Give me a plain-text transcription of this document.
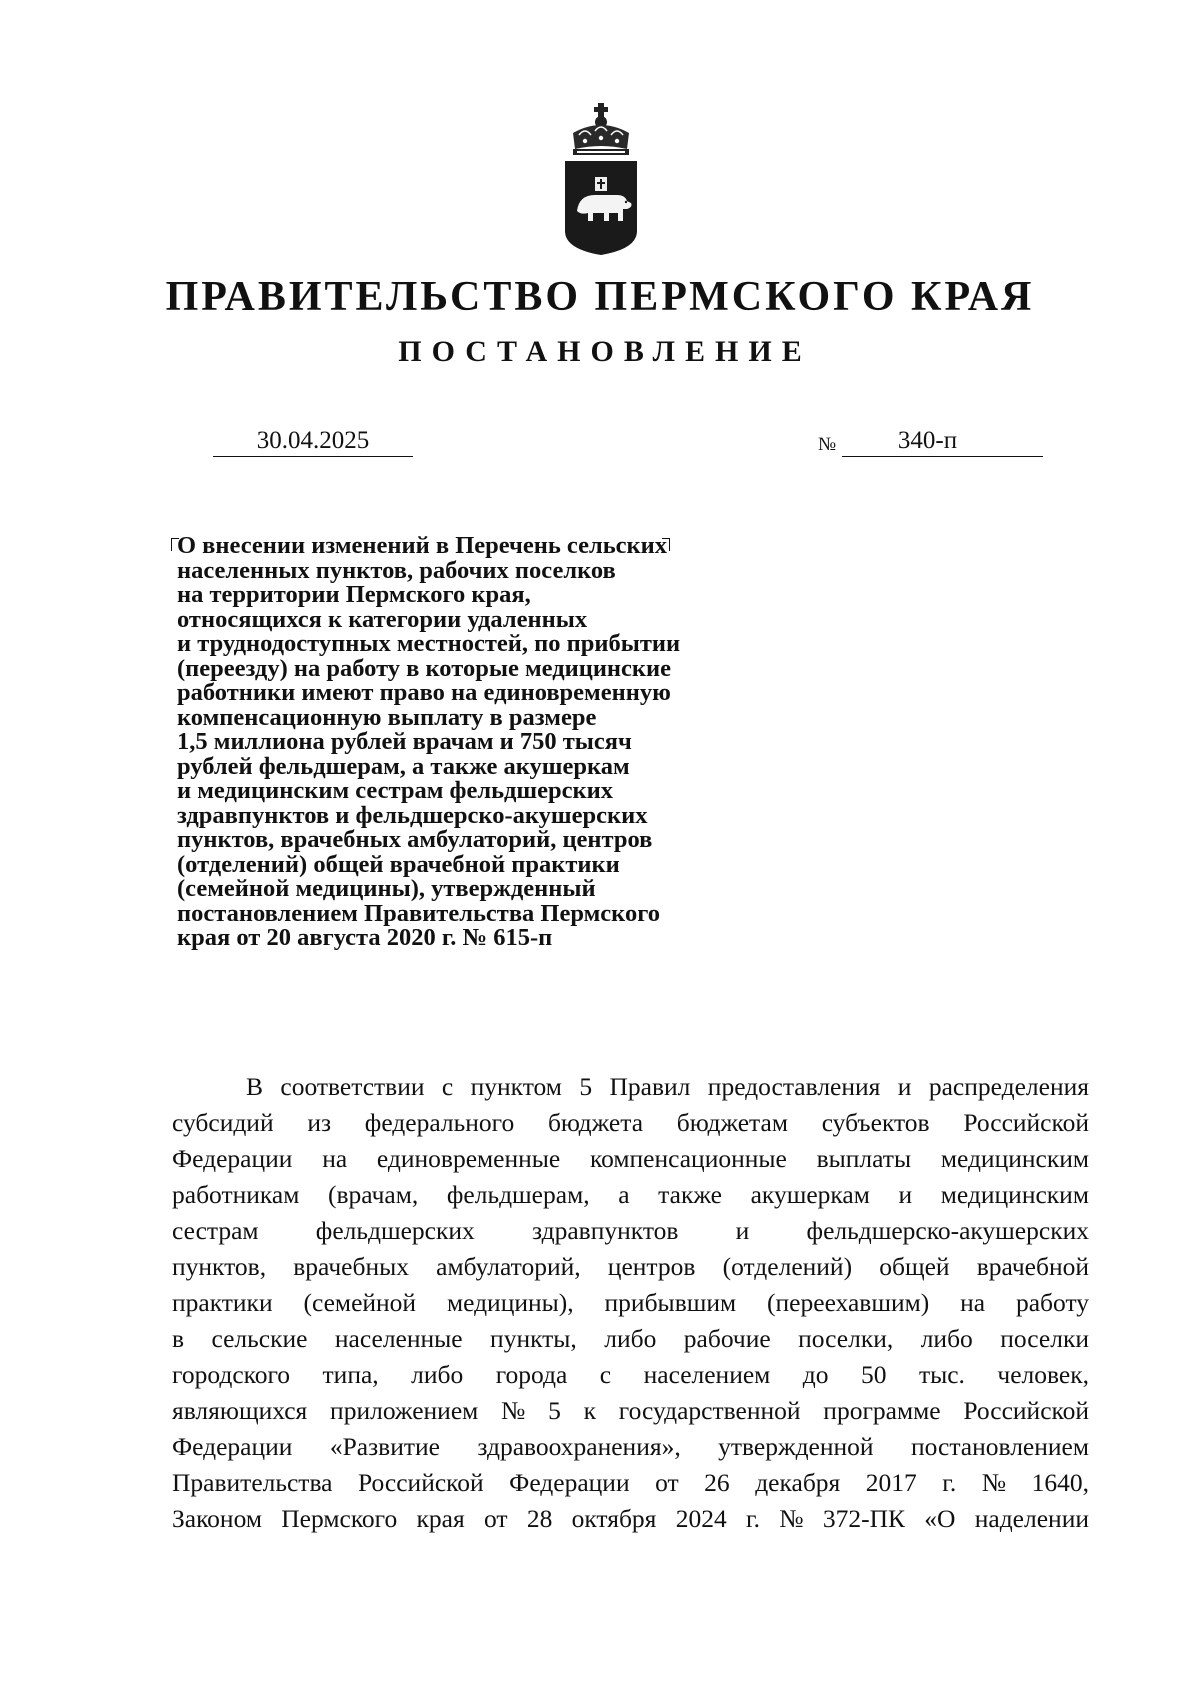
ПРАВИТЕЛЬСТВО ПЕРМСКОГО КРАЯ
ПОСТАНОВЛЕНИЕ
30.04.2025	№	340-п
О внесении изменений в Перечень сельских
населенных пунктов, рабочих поселков
на территории Пермского края,
относящихся к категории удаленных
и труднодоступных местностей, по прибытии
(переезду) на работу в которые медицинские
работники имеют право на единовременную
компенсационную выплату в размере
1,5 миллиона рублей врачам и 750 тысяч
рублей фельдшерам, а также акушеркам
и медицинским сестрам фельдшерских
здравпунктов и фельдшерско-акушерских
пунктов, врачебных амбулаторий, центров
(отделений) общей врачебной практики
(семейной медицины), утвержденный
постановлением Правительства Пермского
края от 20 августа 2020 г. № 615-п
В соответствии с пунктом 5 Правил предоставления и распределения
субсидий из федерального бюджета бюджетам субъектов Российской
Федерации на единовременные компенсационные выплаты медицинским
работникам (врачам, фельдшерам, а также акушеркам и медицинским
сестрам фельдшерских здравпунктов и фельдшерско-акушерских
пунктов, врачебных амбулаторий, центров (отделений) общей врачебной
практики (семейной медицины), прибывшим (переехавшим) на работу
в сельские населенные пункты, либо рабочие поселки, либо поселки
городского типа, либо города с населением до 50 тыс. человек,
являющихся приложением № 5 к государственной программе Российской
Федерации «Развитие здравоохранения», утвержденной постановлением
Правительства Российской Федерации от 26 декабря 2017 г. № 1640,
Законом Пермского края от 28 октября 2024 г. № 372-ПК «О наделении
